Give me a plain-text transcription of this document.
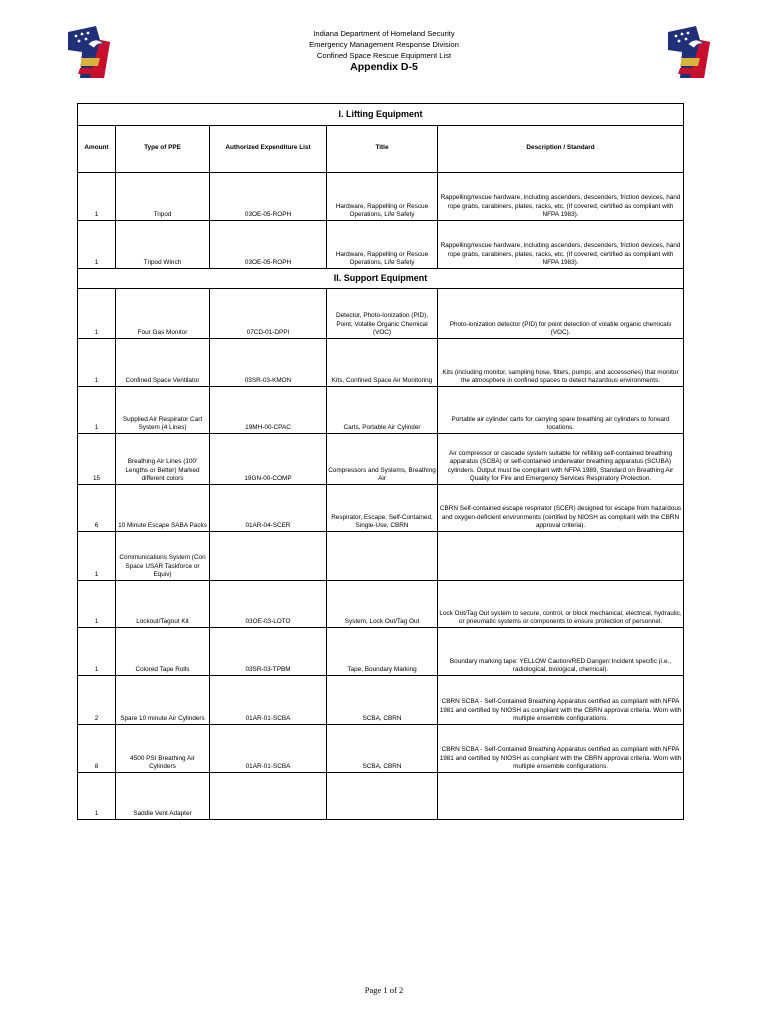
Indiana Department of Homeland Security
Emergency Management Response Division
Confined Space Rescue Equipment List
Appendix D-5
I. Lifting Equipment				
Amount	Type of PPE	Authorized Expenditure List	Title	Description / Standard
1	Tripod	03OE-05-ROPH	Hardware, Rappelling or Rescue Operations, Life Safety	Rappelling/rescue hardware, including ascenders, descenders, friction devices, hand rope grabs, carabiners, plates, racks, etc. (If covered, certified as compliant with NFPA 1983).
1	Tripod Winch	03OE-05-ROPH	Hardware, Rappelling or Rescue Operations, Life Safety	Rappelling/rescue hardware, including ascenders, descenders, friction devices, hand rope grabs, carabiners, plates, racks, etc. (If covered, certified as compliant with NFPA 1983).
II. Support Equipment				
1	Four Gas Monitor	07CD-01-DPPI	Detector, Photo-Ionization (PID), Point, Volatile Organic Chemical (VOC)	Photo-ionization detector (PID) for point detection of volatile organic chemicals (VOC).
1	Confined Space Ventilator	03SR-03-KMON	Kits, Confined Space Air Monitoring	Kits (including monitor, sampling hose, filters, pumps, and accessories) that monitor the atmosphere in confined spaces to detect hazardous environments.
1	Supplied Air Respirator Cart System (4 Lines)	19MH-00-CPAC	Carts, Portable Air Cylinder	Portable air cylinder carts for carrying spare breathing air cylinders to forward locations.
15	Breathing Air Lines (100' Lengths or Better) Marked different colors	19GN-00-COMP	Compressors and Systems, Breathing Air	Air compressor or cascade system suitable for refilling self-contained breathing apparatus (SCBA) or self-contained underwater breathing apparatus (SCUBA) cylinders. Output must be compliant with NFPA 1989, Standard on Breathing Air Quality for Fire and Emergency Services Respiratory Protection.
6	10 Minute Escape SABA Packs	01AR-04-SCER	Respirator, Escape, Self-Contained, Single-Use, CBRN	CBRN Self-contained escape respirator (SCER) designed for escape from hazardous and oxygen-deficient environments (certified by NIOSH as compliant with the CBRN approval criteria).
1	Communications System (Con Space USAR Taskforce or Equiv)			
1	Lockout/Tagout Kit	03OE-03-LOTO	System, Lock Out/Tag Out	Lock Out/Tag Out system to secure, control, or block mechanical, electrical, hydraulic, or pneumatic systems or components to ensure protection of personnel.
1	Colored Tape Rolls	03SR-03-TPBM	Tape, Boundary Marking	Boundary marking tape: YELLOW Caution/RED Danger/ Incident specific (i.e., radiological, biological, chemical).
2	Spare 10 minute Air Cylinders	01AR-01-SCBA	SCBA, CBRN	CBRN SCBA - Self-Contained Breathing Apparatus certified as compliant with NFPA 1981 and certified by NIOSH as compliant with the CBRN approval criteria. Worn with multiple ensemble configurations.
8	4500 PSI Breathing Air Cylinders	01AR-01-SCBA	SCBA, CBRN	CBRN SCBA - Self-Contained Breathing Apparatus certified as compliant with NFPA 1981 and certified by NIOSH as compliant with the CBRN approval criteria. Worn with multiple ensemble configurations.
1	Saddle Vent Adapter			
Page 1 of 2
